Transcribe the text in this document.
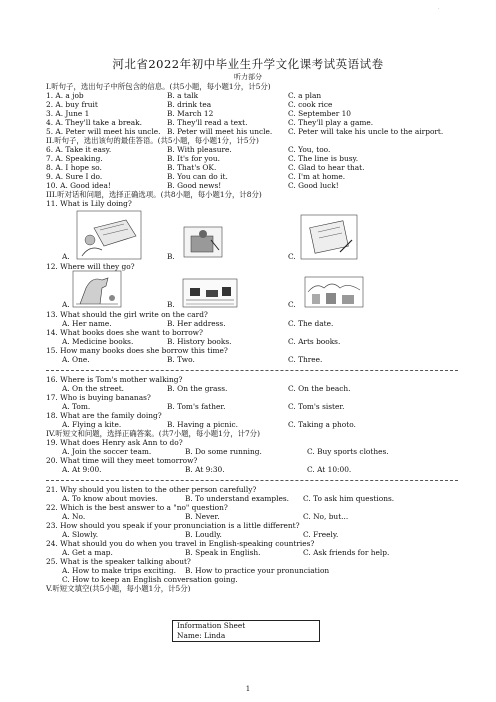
·
河北省2022年初中毕业生升学文化课考试英语试卷
听力部分
I.听句子，选出句子中所包含的信息。(共5小题，每小题1分，计5分)
1. A. a job	B. a talk	C. a plan
2. A. buy fruit	B. drink tea	C. cook rice
3. A. June 1	B. March 12	C. September 10
4. A. They'll take a break.	B. They'll read a text.	C. They'll play a game.
5. A. Peter will meet his uncle. B. Peter will meet his uncle. C. Peter will take his uncle to the airport.
II.听句子，选出该句的最佳答语。(共5小题，每小题1分，计5分)
6. A. Take it easy.	B. With pleasure.	C. You, too.
7. A. Speaking.	B. It's for you.	C. The line is busy.
8. A. I hope so.	B. That's OK.	C. Glad to hear that.
9. A. Sure I do.	B. You can do it.	C. I'm at home.
10. A. Good idea!	B. Good news!	C. Good luck!
III.听对话和问题，选择正确选项。(共8小题，每小题1分，计8分)
11. What is Lily doing?
A.	B.	C.
12. Where will they go?
A.	B.	C.
13. What should the girl write on the card?
A. Her name.	B. Her address.	C. The date.
14. What books does she want to borrow?
A. Medicine books.	B. History books.	C. Arts books.
15. How many books does she borrow this time?
A. One.	B. Two.	C. Three.
16. Where is Tom's mother walking?
A. On the street.	B. On the grass.	C. On the beach.
17. Who is buying bananas?
A. Tom.	B. Tom's father.	C. Tom's sister.
18. What are the family doing?
A. Flying a kite.	B. Having a picnic.	C. Taking a photo.
IV.听短文和问题，选择正确答案。(共7小题，每小题1分，计7分)
19. What does Henry ask Ann to do?
A. Join the soccer team.	B. Do some running.	C. Buy sports clothes.
20. What time will they meet tomorrow?
A. At 9:00.	B. At 9:30.	C. At 10:00.
21. Why should you listen to the other person carefully?
A. To know about movies.	B. To understand examples. C. To ask him questions.
22. Which is the best answer to a "no" question?
A. No.	B. Never.	C. No, but...
23. How should you speak if your pronunciation is a little different?
A. Slowly.	B. Loudly.	C. Freely.
24. What should you do when you travel in English-speaking countries?
A. Get a map.	B. Speak in English.	C. Ask friends for help.
25. What is the speaker talking about?
A. How to make trips exciting. B. How to practice your pronunciation
C. How to keep an English conversation going.
V.听短文填空(共5小题，每小题1分，计5分)
Information Sheet
Name: Linda
1
